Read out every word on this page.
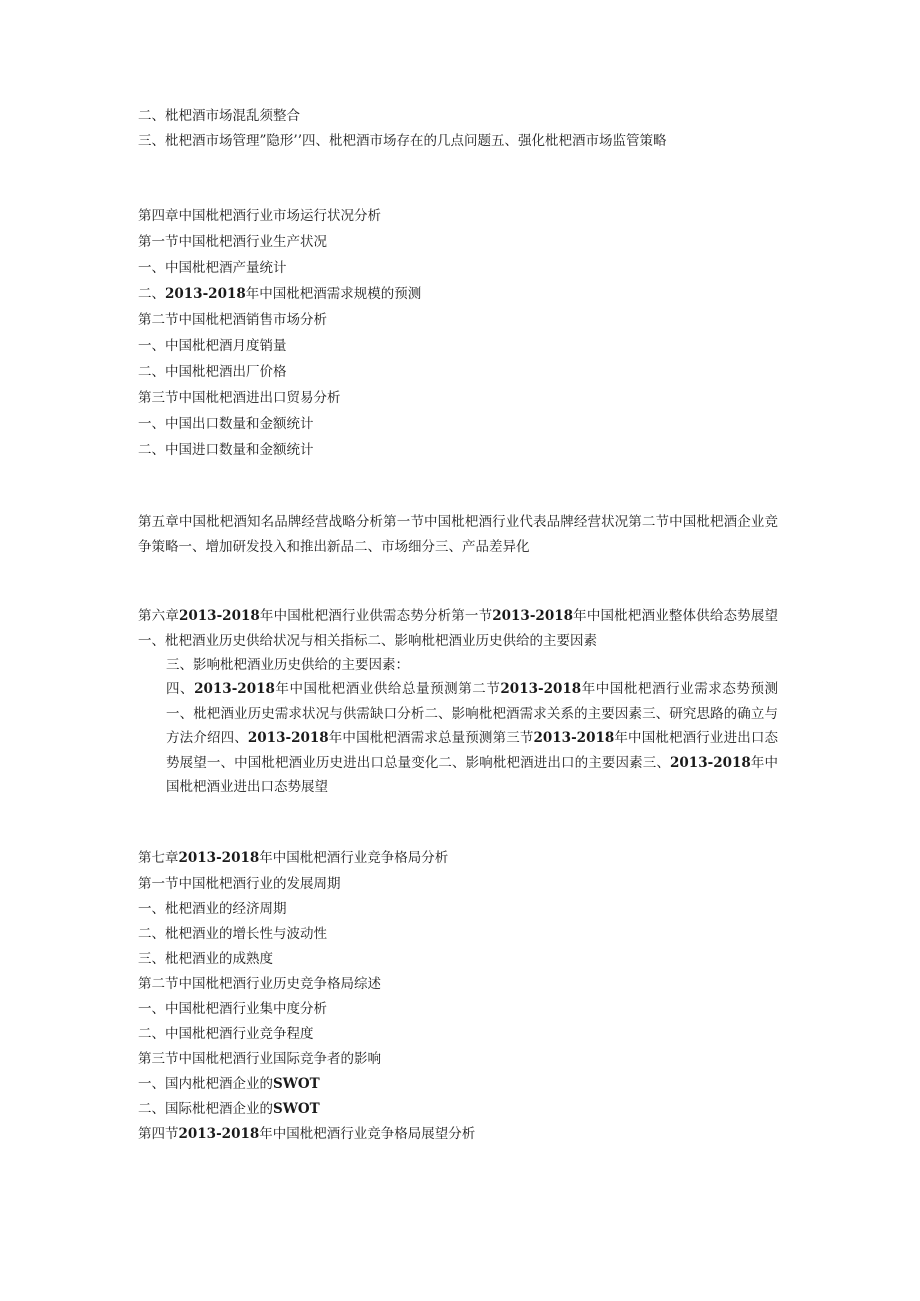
二、枇杷酒市场混乱须整合
三、枇杷酒市场管理”隐形’’四、枇杷酒市场存在的几点问题五、强化枇杷酒市场监管策略
第四章中国枇杷酒行业市场运行状况分析
第一节中国枇杷酒行业生产状况
一、中国枇杷酒产量统计
二、2013-2018年中国枇杷酒需求规模的预测
第二节中国枇杷酒销售市场分析
一、中国枇杷酒月度销量
二、中国枇杷酒出厂价格
第三节中国枇杷酒进出口贸易分析
一、中国出口数量和金额统计
二、中国进口数量和金额统计
第五章中国枇杷酒知名品牌经营战略分析第一节中国枇杷酒行业代表品牌经营状况第二节中国枇杷酒企业竞争策略一、增加研发投入和推出新品二、市场细分三、产品差异化
第六章2013-2018年中国枇杷酒行业供需态势分析第一节2013-2018年中国枇杷酒业整体供给态势展望一、枇杷酒业历史供给状况与相关指标二、影响枇杷酒业历史供给的主要因素
三、影响枇杷酒业历史供给的主要因素：
四、2013-2018年中国枇杷酒业供给总量预测第二节2013-2018年中国枇杷酒行业需求态势预测一、枇杷酒业历史需求状况与供需缺口分析二、影响枇杷酒需求关系的主要因素三、研究思路的确立与方法介绍四、2013-2018年中国枇杷酒需求总量预测第三节2013-2018年中国枇杷酒行业进出口态势展望一、中国枇杷酒业历史进出口总量变化二、影响枇杷酒进出口的主要因素三、2013-2018年中国枇杷酒业进出口态势展望
第七章2013-2018年中国枇杷酒行业竞争格局分析
第一节中国枇杷酒行业的发展周期
一、枇杷酒业的经济周期
二、枇杷酒业的增长性与波动性
三、枇杷酒业的成熟度
第二节中国枇杷酒行业历史竞争格局综述
一、中国枇杷酒行业集中度分析
二、中国枇杷酒行业竞争程度
第三节中国枇杷酒行业国际竞争者的影响
一、国内枇杷酒企业的SWOT
二、国际枇杷酒企业的SWOT
第四节2013-2018年中国枇杷酒行业竞争格局展望分析
